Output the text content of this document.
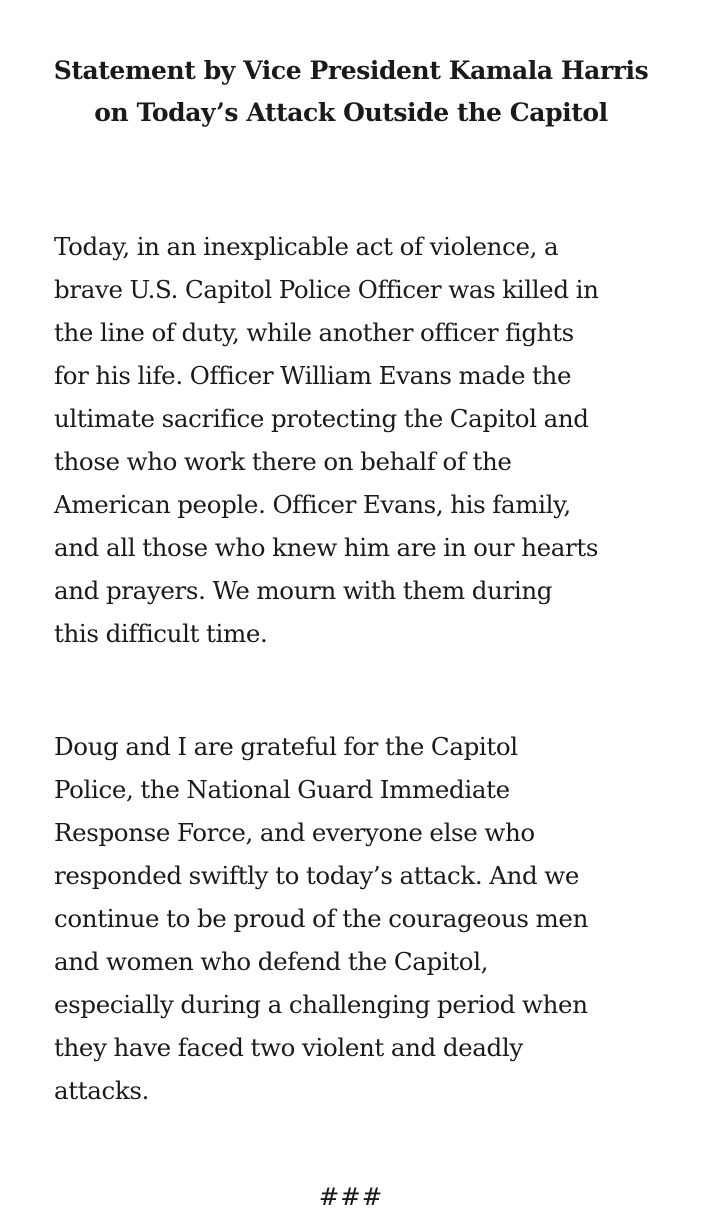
Statement by Vice President Kamala Harris on Today’s Attack Outside the Capitol

Today, in an inexplicable act of violence, a
brave U.S. Capitol Police Officer was killed in
the line of duty, while another officer fights
for his life. Officer William Evans made the
ultimate sacrifice protecting the Capitol and
those who work there on behalf of the
American people. Officer Evans, his family,
and all those who knew him are in our hearts
and prayers. We mourn with them during
this difficult time.

Doug and I are grateful for the Capitol
Police, the National Guard Immediate
Response Force, and everyone else who
responded swiftly to today’s attack. And we
continue to be proud of the courageous men
and women who defend the Capitol,
especially during a challenging period when
they have faced two violent and deadly
attacks.

###
